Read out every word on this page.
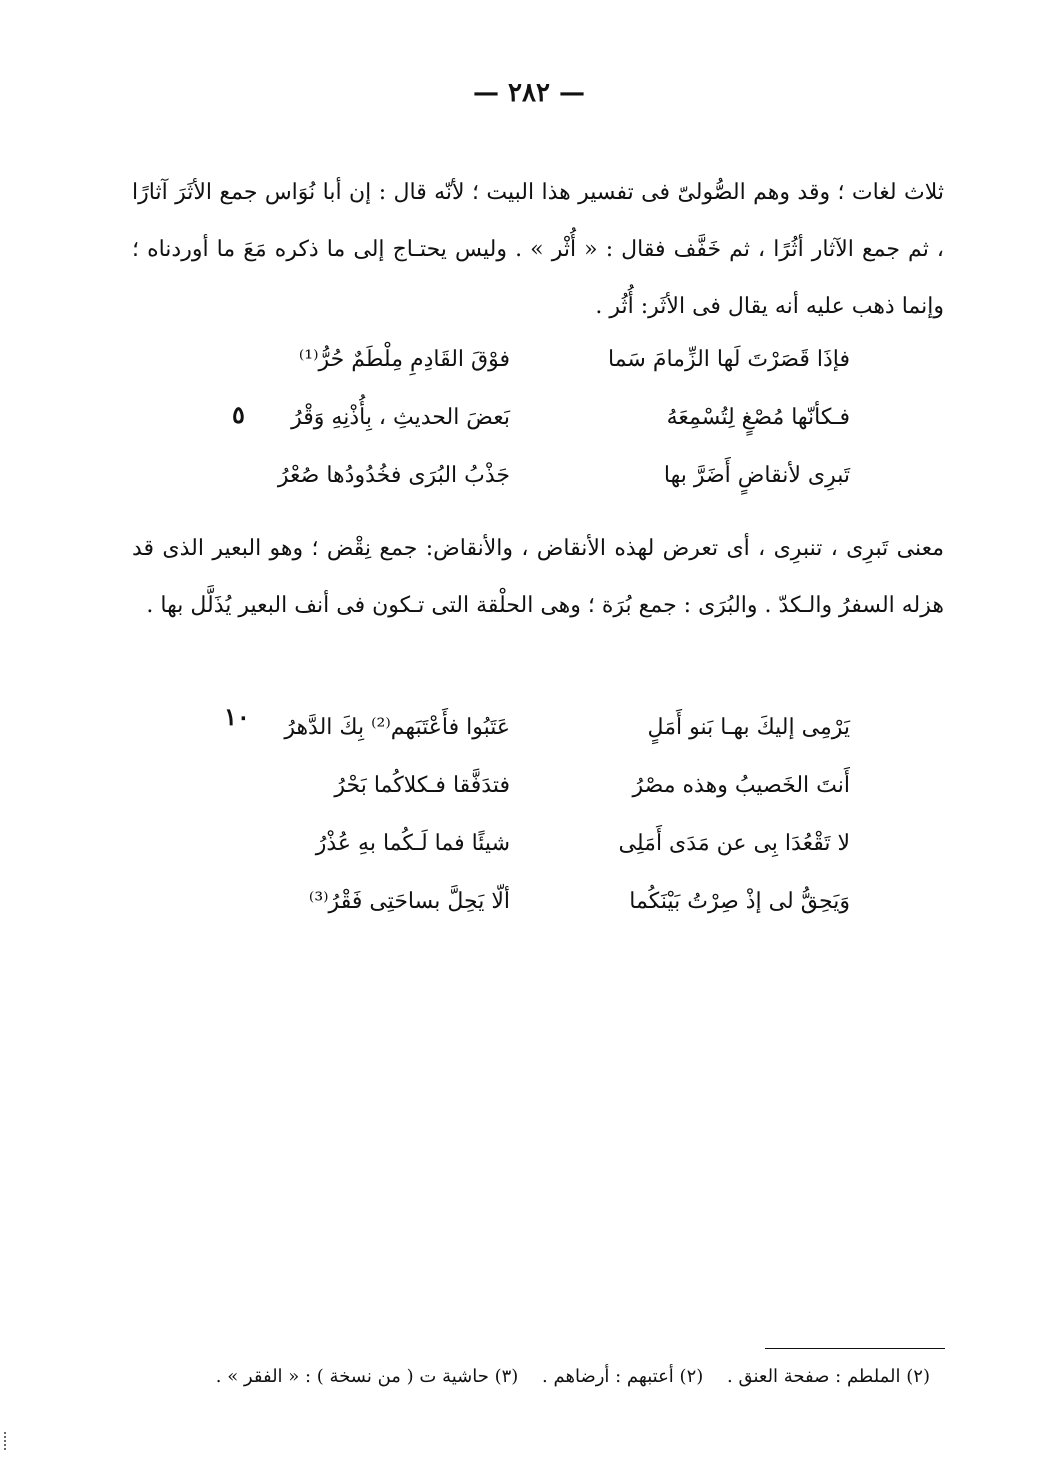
— ٢٨٢ —

ثلاث لغات ؛ وقد وهم الصُّولىّ فى تفسير هذا البيت ؛ لأنّه قال : إن أبا نُوَاس جمع الأثَرَ آثارًا ، ثم جمع الآثار أثُرًا ، ثم خَفَّف فقال : « أُثْر » . وليس يحتـاج إلى ما ذكره مَعَ ما أوردناه ؛ وإنما ذهب عليه أنه يقال فى الأثَر: أُثُر .

فإذَا قَصَرْتَ لَها الزِّمامَ سَما
فوْقَ القَادِمِ مِلْطَمٌ حُرُّ⁽¹⁾
فـكأنّها مُصْغٍ لِتُسْمِعَهُ
بَعضَ الحديثِ ، بِأُذْنِهِ وَقْرُ
تَبرِى لأنقاضٍ أَضَرَّ بها
جَذْبُ البُرَى فخُدُودُها صُعْرُ
٥

معنى تَبرِى ، تنبرِى ، أى تعرض لهذه الأنقاض ، والأنقاض: جمع نِقْض ؛ وهو البعير الذى قد هزله السفرُ والـكدّ . والبُرَى : جمع بُرَة ؛ وهى الحلْقة التى تـكون فى أنف البعير يُذَلَّل بها .

يَرْمِى إليكَ بهـا بَنو أَمَلٍ
عَتَبُوا فأَعْتَبَهم⁽²⁾ بِكَ الدَّهرُ
أَنتَ الخَصيبُ وهذه مصْرُ
فتدَفَّقا فـكلاكُما بَحْرُ
لا تَقْعُدَا بِى عن مَدَى أَمَلِى
شيئًا فما لَـكُما بهِ عُذْرُ
وَيَحِقُّ لى إذْ صِرْتُ بَيْنَكُما
ألّا يَحِلَّ بساحَتِى فَقْرُ⁽³⁾
١٠
(٢) الملطم : صفحة العنق . (٢) أعتبهم : أرضاهم . (٣) حاشية ت ( من نسخة ) : « الفقر » .
